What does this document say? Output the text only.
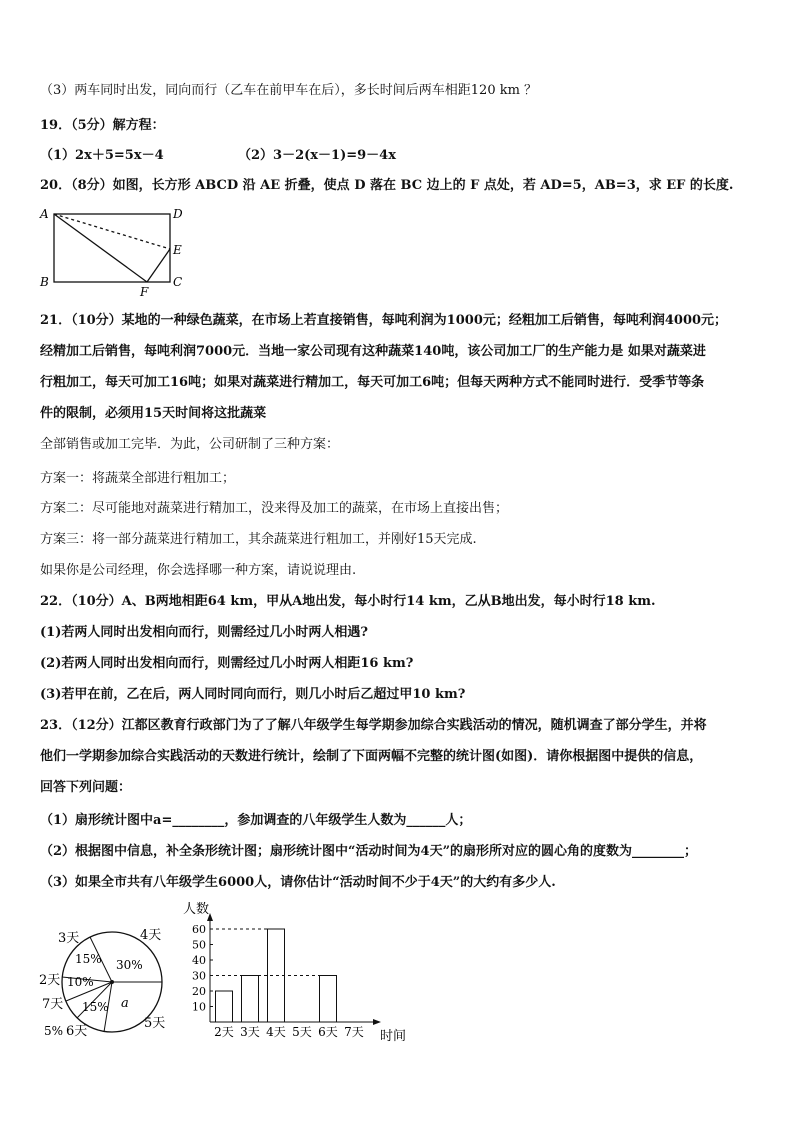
（3）两车同时出发，同向而行（乙车在前甲车在后），多长时间后两车相距120 km ？
19．（5分）解方程：
（1）2x＋5=5x－4	（2）3－2(x－1)=9－4x
20．（8分）如图，长方形 ABCD 沿 AE 折叠，使点 D 落在 BC 边上的 F 点处，若 AD=5，AB=3，求 EF 的长度.
A	D
E
B	C
F
21．（10分）某地的一种绿色蔬菜，在市场上若直接销售，每吨利润为1000元；经粗加工后销售，每吨利润4000元；
经精加工后销售，每吨利润7000元．当地一家公司现有这种蔬菜140吨，该公司加工厂的生产能力是 如果对蔬菜进
行粗加工，每天可加工16吨；如果对蔬菜进行精加工，每天可加工6吨；但每天两种方式不能同时进行．受季节等条
件的限制，必须用15天时间将这批蔬菜
全部销售或加工完毕．为此，公司研制了三种方案：
方案一：将蔬菜全部进行粗加工；
方案二：尽可能地对蔬菜进行精加工，没来得及加工的蔬菜，在市场上直接出售；
方案三：将一部分蔬菜进行精加工，其余蔬菜进行粗加工，并刚好15天完成.
如果你是公司经理，你会选择哪一种方案，请说说理由.
22．（10分）A、B两地相距64 km，甲从A地出发，每小时行14 km，乙从B地出发，每小时行18 km.
(1)若两人同时出发相向而行，则需经过几小时两人相遇?
(2)若两人同时出发相向而行，则需经过几小时两人相距16 km?
(3)若甲在前，乙在后，两人同时同向而行，则几小时后乙超过甲10 km?
23．（12分）江都区教育行政部门为了了解八年级学生每学期参加综合实践活动的情况，随机调查了部分学生，并将
他们一学期参加综合实践活动的天数进行统计，绘制了下面两幅不完整的统计图(如图)．请你根据图中提供的信息，
回答下列问题：
（1）扇形统计图中a=________，参加调查的八年级学生人数为______人；
（2）根据图中信息，补全条形统计图；扇形统计图中“活动时间为4天”的扇形所对应的圆心角的度数为________；
（3）如果全市共有八年级学生6000人，请你估计“活动时间不少于4天”的大约有多少人.
3天	4天
2天
7天
6天
5天
15% 30%
10%
15% a
5%
人数
时间
10
20
30
40
50
60
2天 3天 4天 5天 6天 7天
